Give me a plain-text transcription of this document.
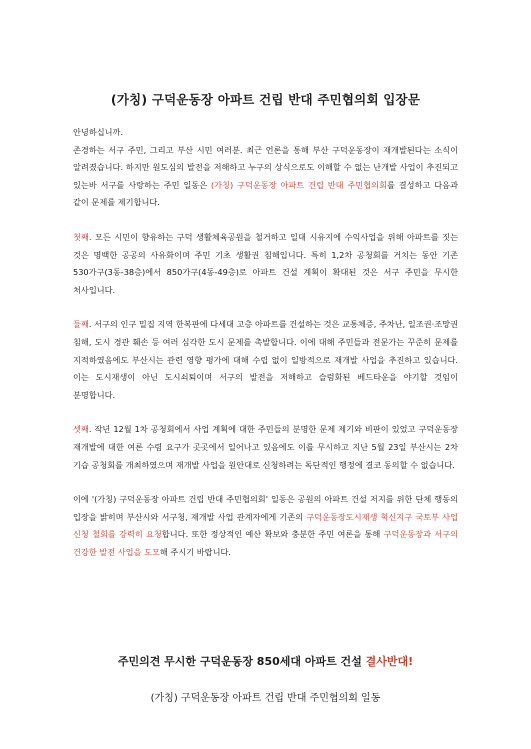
(가칭) 구덕운동장 아파트 건립 반대 주민협의회 입장문

안녕하십니까.

존경하는 서구 주민, 그리고 부산 시민 여러분. 최근 언론을 통해 부산 구덕운동장이 재개발된다는 소식이 알려졌습니다. 하지만 원도심의 발전을 저해하고 누구의 상식으로도 이해할 수 없는 난개발 사업이 추진되고 있는바 서구를 사랑하는 주민 일동은 (가칭) 구덕운동장 아파트 건립 반대 주민협의회를 결성하고 다음과 같이 문제를 제기합니다.

첫째. 모든 시민이 향유하는 구덕 생활체육공원을 철거하고 일대 시유지에 수익사업을 위해 아파트를 짓는 것은 명백한 공공의 사유화이며 주민 기초 생활권 침해입니다. 특히 1,2차 공청회를 거치는 동안 기존 530가구(3동-38층)에서 850가구(4동-49층)로 아파트 건설 계획이 확대된 것은 서구 주민을 무시한 처사입니다.

둘째. 서구의 인구 밀집 지역 한복판에 다세대 고층 아파트를 건설하는 것은 교통체증, 주차난, 일조권·조망권 침해, 도시 경관 훼손 등 여러 심각한 도시 문제를 촉발합니다. 이에 대해 주민들과 전문가는 꾸준히 문제를 지적하였음에도 부산시는 관련 영향 평가에 대해 수립 없이 일방적으로 재개발 사업을 추진하고 있습니다. 이는 도시재생이 아닌 도시쇠퇴이며 서구의 발전을 저해하고 슬럼화된 베드타운을 야기할 것임이 분명합니다.

셋째. 작년 12월 1차 공청회에서 사업 계획에 대한 주민들의 분명한 문제 제기와 비판이 있었고 구덕운동장 재개발에 대한 여론 수렴 요구가 곳곳에서 일어나고 있음에도 이를 무시하고 지난 5월 23일 부산시는 2차 기습 공청회를 개최하였으며 재개발 사업을 원안대로 신청하려는 독단적인 행정에 결코 동의할 수 없습니다.

이에 '(가칭) 구덕운동장 아파트 건립 반대 주민협의회' 일동은 공원의 아파트 건설 저지를 위한 단체 행동의 입장을 밝히며 부산시와 서구청, 재개발 사업 관계자에게 기존의 구덕운동장도시재생 혁신지구 국토부 사업 신청 철회를 강력히 요청합니다. 또한 정상적인 예산 확보와 충분한 주민 여론을 통해 구덕운동장과 서구의 건강한 발전 사업을 도모해 주시기 바랍니다.

주민의견 무시한 구덕운동장 850세대 아파트 건설 결사반대!
(가칭) 구덕운동장 아파트 건립 반대 주민협의회 일동
